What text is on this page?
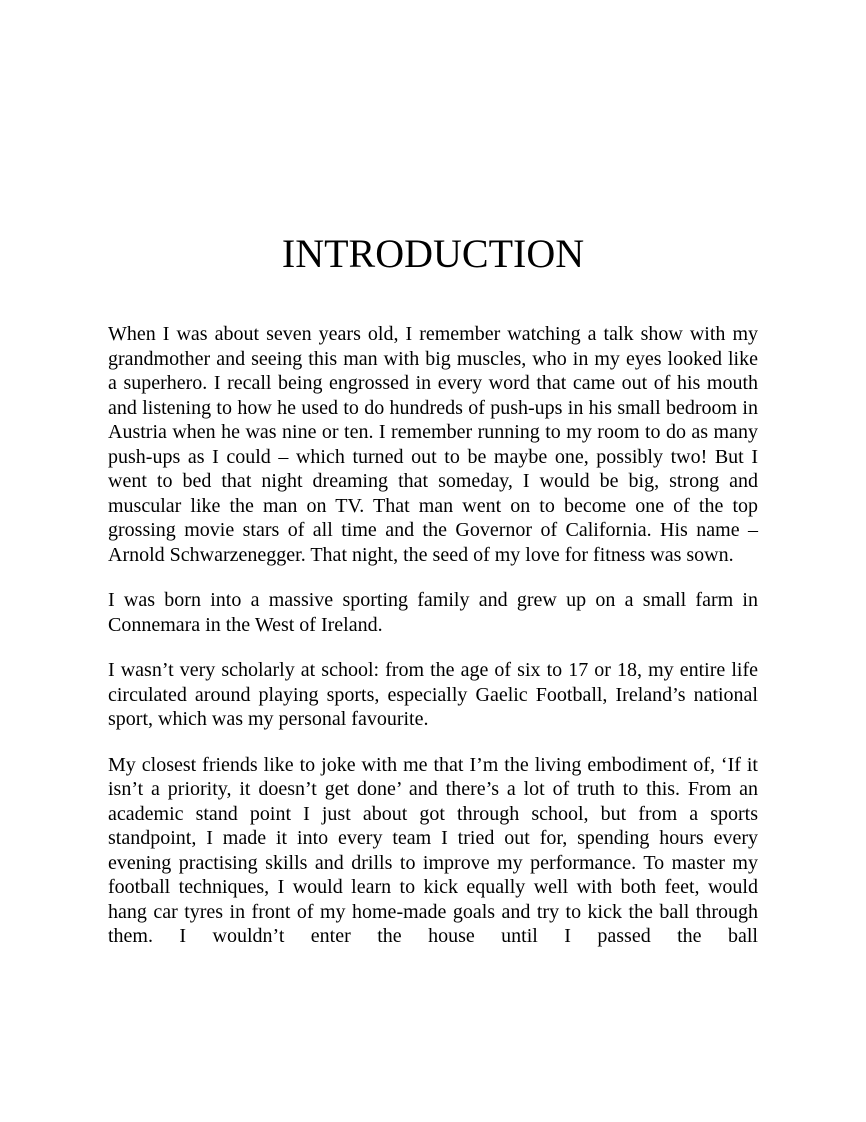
INTRODUCTION

When I was about seven years old, I remember watching a talk show with my grandmother and seeing this man with big muscles, who in my eyes looked like a superhero. I recall being engrossed in every word that came out of his mouth and listening to how he used to do hundreds of push-ups in his small bedroom in Austria when he was nine or ten. I remember running to my room to do as many push-ups as I could – which turned out to be maybe one, possibly two! But I went to bed that night dreaming that someday, I would be big, strong and muscular like the man on TV. That man went on to become one of the top grossing movie stars of all time and the Governor of California. His name – Arnold Schwarzenegger. That night, the seed of my love for fitness was sown.

I was born into a massive sporting family and grew up on a small farm in Connemara in the West of Ireland.

I wasn’t very scholarly at school: from the age of six to 17 or 18, my entire life circulated around playing sports, especially Gaelic Football, Ireland’s national sport, which was my personal favourite.

My closest friends like to joke with me that I’m the living embodiment of, ‘If it isn’t a priority, it doesn’t get done’ and there’s a lot of truth to this. From an academic stand point I just about got through school, but from a sports standpoint, I made it into every team I tried out for, spending hours every evening practising skills and drills to improve my performance. To master my football techniques, I would learn to kick equally well with both feet, would hang car tyres in front of my home-made goals and try to kick the ball through them. I wouldn’t enter the house until I passed the ball
